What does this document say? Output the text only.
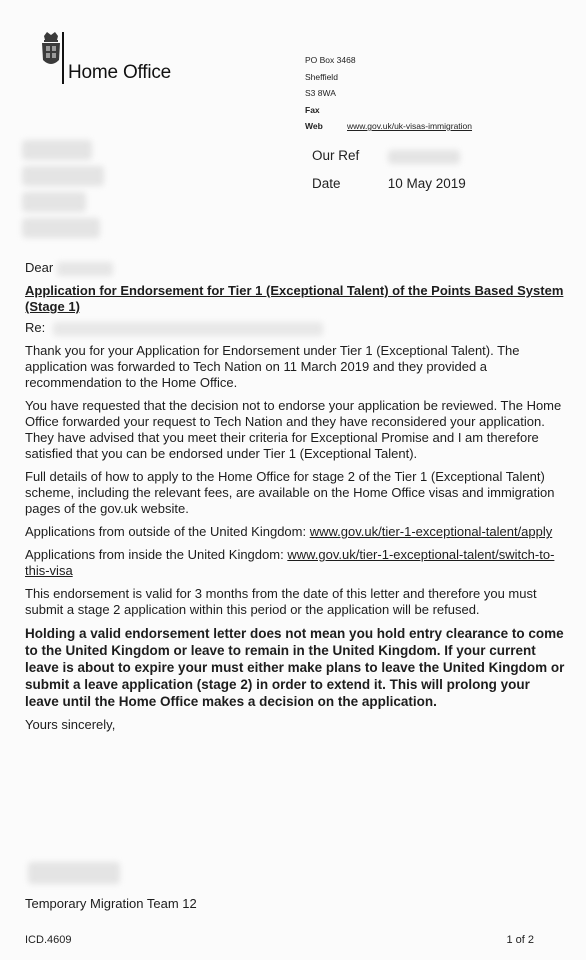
Home Office
PO Box 3468
Sheffield
S3 8WA
Fax
Web	www.gov.uk/uk-visas-immigration
Our Ref
Date	10 May 2019
Dear
Application for Endorsement for Tier 1 (Exceptional Talent) of the Points Based System (Stage 1)
Re:
Thank you for your Application for Endorsement under Tier 1 (Exceptional Talent). The application was forwarded to Tech Nation on 11 March 2019 and they provided a recommendation to the Home Office.
You have requested that the decision not to endorse your application be reviewed. The Home Office forwarded your request to Tech Nation and they have reconsidered your application. They have advised that you meet their criteria for Exceptional Promise and I am therefore satisfied that you can be endorsed under Tier 1 (Exceptional Talent).
Full details of how to apply to the Home Office for stage 2 of the Tier 1 (Exceptional Talent) scheme, including the relevant fees, are available on the Home Office visas and immigration pages of the gov.uk website.
Applications from outside of the United Kingdom: www.gov.uk/tier-1-exceptional-talent/apply
Applications from inside the United Kingdom: www.gov.uk/tier-1-exceptional-talent/switch-to-this-visa
This endorsement is valid for 3 months from the date of this letter and therefore you must submit a stage 2 application within this period or the application will be refused.
Holding a valid endorsement letter does not mean you hold entry clearance to come to the United Kingdom or leave to remain in the United Kingdom. If your current leave is about to expire your must either make plans to leave the United Kingdom or submit a leave application (stage 2) in order to extend it. This will prolong your leave until the Home Office makes a decision on the application.
Yours sincerely,
Temporary Migration Team 12
ICD.4609	1 of 2
